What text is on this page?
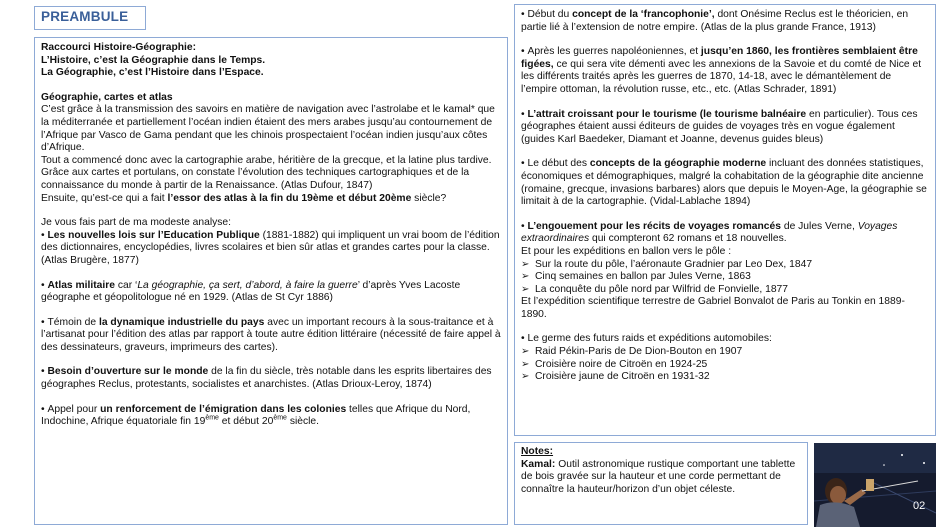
PREAMBULE

Raccourci Histoire-Géographie:

L’Histoire, c’est la Géographie dans le Temps.

La Géographie, c’est l’Histoire dans l’Espace.

Géographie, cartes et atlas

C’est grâce à la transmission des savoirs en matière de navigation avec l’astrolabe et le kamal* que la méditerranée et partiellement l’océan indien étaient des mers arabes jusqu’au contournement de l’Afrique par Vasco de Gama pendant que les chinois prospectaient l’océan indien jusqu’aux côtes d’Afrique.

Tout a commencé donc avec la cartographie arabe, héritière de la grecque, et la latine plus tardive.

Grâce aux cartes et portulans, on constate l’évolution des techniques cartographiques et de la connaissance du monde à partir de la Renaissance. (Atlas Dufour, 1847)

Ensuite, qu’est-ce qui a fait l’essor des atlas à la fin du 19ème et début 20ème siècle?

Je vous fais part de ma modeste analyse:

• Les nouvelles lois sur l’Education Publique (1881-1882) qui impliquent un vrai boom de l’édition des dictionnaires, encyclopédies, livres scolaires et bien sûr atlas et grandes cartes pour la classe. (Atlas Brugère, 1877)

• Atlas militaire car ‘La géographie, ça sert, d’abord, à faire la guerre’ d’après Yves Lacoste géographe et géopolitologue né en 1929. (Atlas de St Cyr 1886)

• Témoin de la dynamique industrielle du pays avec un important recours à la sous-traitance et à l’artisanat pour l’édition des atlas par rapport à toute autre édition littéraire (nécessité de faire appel à des dessinateurs, graveurs, imprimeurs des cartes).

• Besoin d’ouverture sur le monde de la fin du siècle, très notable dans les esprits libertaires des géographes Reclus, protestants, socialistes et anarchistes. (Atlas Drioux-Leroy, 1874)

• Appel pour un renforcement de l’émigration dans les colonies telles que Afrique du Nord, Indochine, Afrique équatoriale fin 19ème et début 20ème siècle.

• Début du concept de la ‘francophonie’, dont Onésime Reclus est le théoricien, en partie lié à l’extension de notre empire. (Atlas de la plus grande France, 1913)

• Après les guerres napoléoniennes, et jusqu’en 1860, les frontières semblaient être figées, ce qui sera vite démenti avec les annexions de la Savoie et du comté de Nice et les différents traités après les guerres de 1870, 14-18, avec le démantèlement de l’empire ottoman, la révolution russe, etc., etc. (Atlas Schrader, 1891)

• L’attrait croissant pour le tourisme (le tourisme balnéaire en particulier). Tous ces géographes étaient aussi éditeurs de guides de voyages très en vogue également (guides Karl Baedeker, Diamant et Joanne, devenus guides bleus)

• Le début des concepts de la géographie moderne incluant des données statistiques, économiques et démographiques, malgré la cohabitation de la géographie dite ancienne (romaine, grecque, invasions barbares) alors que depuis le Moyen-Age, la géographie se limitait à de la cartographie. (Vidal-Lablache 1894)

• L’engouement pour les récits de voyages romancés de Jules Verne, Voyages extraordinaires qui compteront 62 romans et 18 nouvelles.

Et pour les expéditions en ballon vers le pôle :

➢ Sur la route du pôle, l’aéronaute Gradnier par Leo Dex, 1847

➢ Cinq semaines en ballon par Jules Verne, 1863

➢ La conquête du pôle nord par Wilfrid de Fonvielle, 1877

Et l’expédition scientifique terrestre de Gabriel Bonvalot de Paris au Tonkin en 1889-1890.

• Le germe des futurs raids et expéditions automobiles:

➢ Raid Pékin-Paris de De Dion-Bouton en 1907

➢ Croisière noire de Citroën en 1924-25

➢ Croisière jaune de Citroën en 1931-32

Notes:

Kamal: Outil astronomique rustique comportant une tablette de bois gravée sur la hauteur et une corde permettant de connaître la hauteur/horizon d’un objet céleste.

02
